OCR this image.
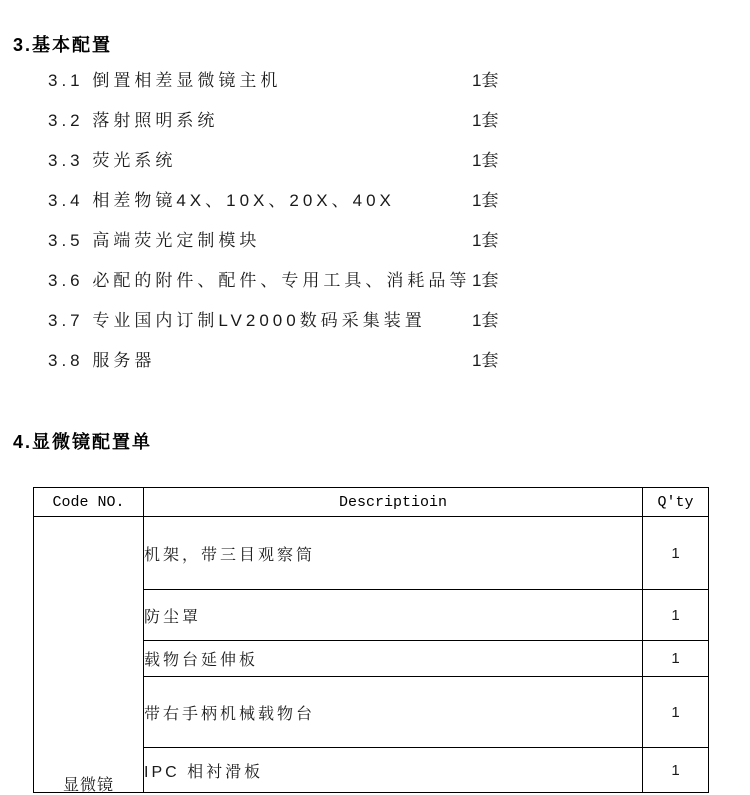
3.基本配置
3.1 倒置相差显微镜主机	1套
3.2 落射照明系统	1套
3.3 荧光系统	1套
3.4 相差物镜4X、10X、20X、40X	1套
3.5 高端荧光定制模块	1套
3.6 必配的附件、配件、专用工具、消耗品等 1套
3.7 专业国内订制LV2000数码采集装置	1套
3.8 服务器	1套
4.显微镜配置单
Code NO.	Descriptioin	Q'ty

显微镜	机架，带三目观察筒	1
	防尘罩	1
	载物台延伸板	1
	带右手柄机械载物台	1
	IPC 相衬滑板	1
